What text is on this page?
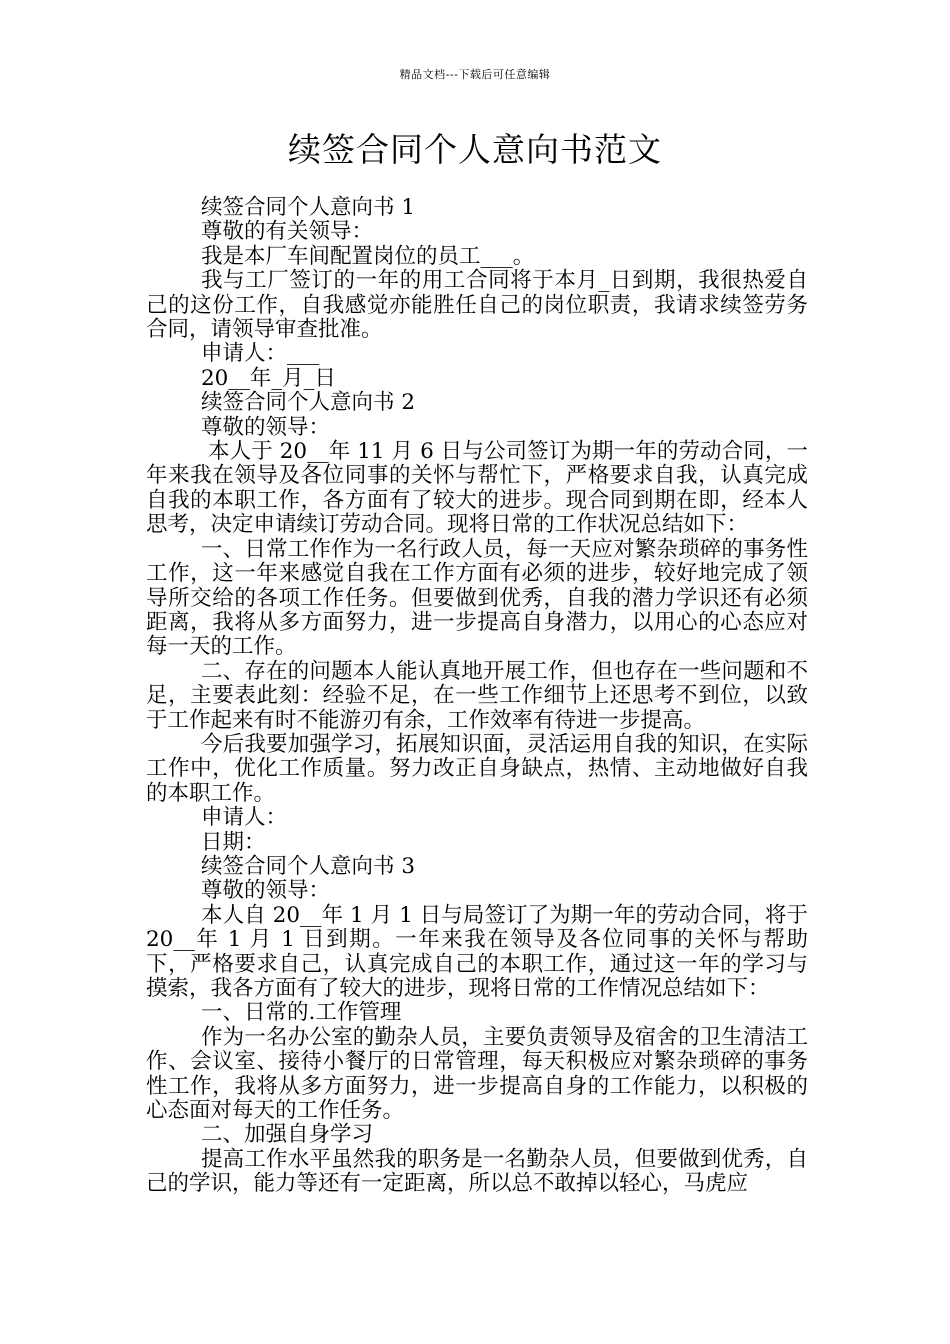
精品文档---下载后可任意编辑
续签合同个人意向书范文

续签合同个人意向书 1

尊敬的有关领导：

我是本厂车间配置岗位的员工___。

我与工厂签订的一年的用工合同将于本月_日到期，我很热爱自己的这份工作，自我感觉亦能胜任自己的岗位职责，我请求续签劳务合同，请领导审查批准。

申请人：___

20__年_月_日

续签合同个人意向书 2

尊敬的领导：

本人于 20__年 11 月 6 日与公司签订为期一年的劳动合同，一年来我在领导及各位同事的关怀与帮忙下，严格要求自我，认真完成自我的本职工作，各方面有了较大的进步。现合同到期在即，经本人思考，决定申请续订劳动合同。现将日常的工作状况总结如下：

一、日常工作作为一名行政人员，每一天应对繁杂琐碎的事务性工作，这一年来感觉自我在工作方面有必须的进步，较好地完成了领导所交给的各项工作任务。但要做到优秀，自我的潜力学识还有必须距离，我将从多方面努力，进一步提高自身潜力，以用心的心态应对每一天的工作。

二、存在的问题本人能认真地开展工作，但也存在一些问题和不足，主要表此刻：经验不足，在一些工作细节上还思考不到位，以致于工作起来有时不能游刃有余，工作效率有待进一步提高。

今后我要加强学习，拓展知识面，灵活运用自我的知识，在实际工作中，优化工作质量。努力改正自身缺点，热情、主动地做好自我的本职工作。

申请人：

日期：

续签合同个人意向书 3

尊敬的领导：

本人自 20__年 1 月 1 日与局签订了为期一年的劳动合同，将于 20__年 1 月 1 日到期。一年来我在领导及各位同事的关怀与帮助下，严格要求自己，认真完成自己的本职工作，通过这一年的学习与摸索，我各方面有了较大的进步，现将日常的工作情况总结如下：

一、日常的.工作管理

作为一名办公室的勤杂人员，主要负责领导及宿舍的卫生清洁工作、会议室、接待小餐厅的日常管理，每天积极应对繁杂琐碎的事务性工作，我将从多方面努力，进一步提高自身的工作能力，以积极的心态面对每天的工作任务。

二、加强自身学习

提高工作水平虽然我的职务是一名勤杂人员，但要做到优秀，自己的学识，能力等还有一定距离，所以总不敢掉以轻心，马虎应
